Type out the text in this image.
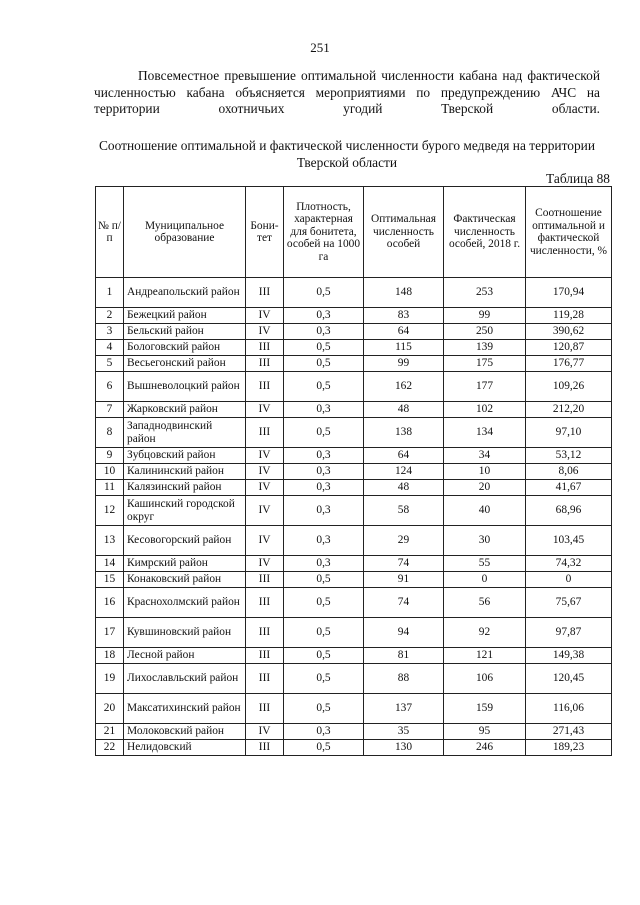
251

Повсеместное превышение оптимальной численности кабана над фактической численностью кабана объясняется мероприятиями по предупреждению АЧС на территории охотничьих угодий Тверской области.

Соотношение оптимальной и фактической численности бурого медведя на территории Тверской области
Таблица 88
№ п/п	Муниципальное образование	Бони-тет	Плотность, характерная для бонитета, особей на 1000 га	Оптимальная численность особей	Фактическая численность особей, 2018 г.	Соотношение оптимальной и фактической численности, %
1	Андреапольский район	III	0,5	148	253	170,94
2	Бежецкий район	IV	0,3	83	99	119,28
3	Бельский район	IV	0,3	64	250	390,62
4	Бологовский район	III	0,5	115	139	120,87
5	Весьегонский район	III	0,5	99	175	176,77
6	Вышневолоцкий район	III	0,5	162	177	109,26
7	Жарковский район	IV	0,3	48	102	212,20
8	Западнодвинский район	III	0,5	138	134	97,10
9	Зубцовский район	IV	0,3	64	34	53,12
10	Калининский район	IV	0,3	124	10	8,06
11	Калязинский район	IV	0,3	48	20	41,67
12	Кашинский городской округ	IV	0,3	58	40	68,96
13	Кесовогорский район	IV	0,3	29	30	103,45
14	Кимрский район	IV	0,3	74	55	74,32
15	Конаковский район	III	0,5	91	0	0
16	Краснохолмский район	III	0,5	74	56	75,67
17	Кувшиновский район	III	0,5	94	92	97,87
18	Лесной район	III	0,5	81	121	149,38
19	Лихославльский район	III	0,5	88	106	120,45
20	Максатихинский район	III	0,5	137	159	116,06
21	Молоковский район	IV	0,3	35	95	271,43
22	Нелидовский	III	0,5	130	246	189,23
